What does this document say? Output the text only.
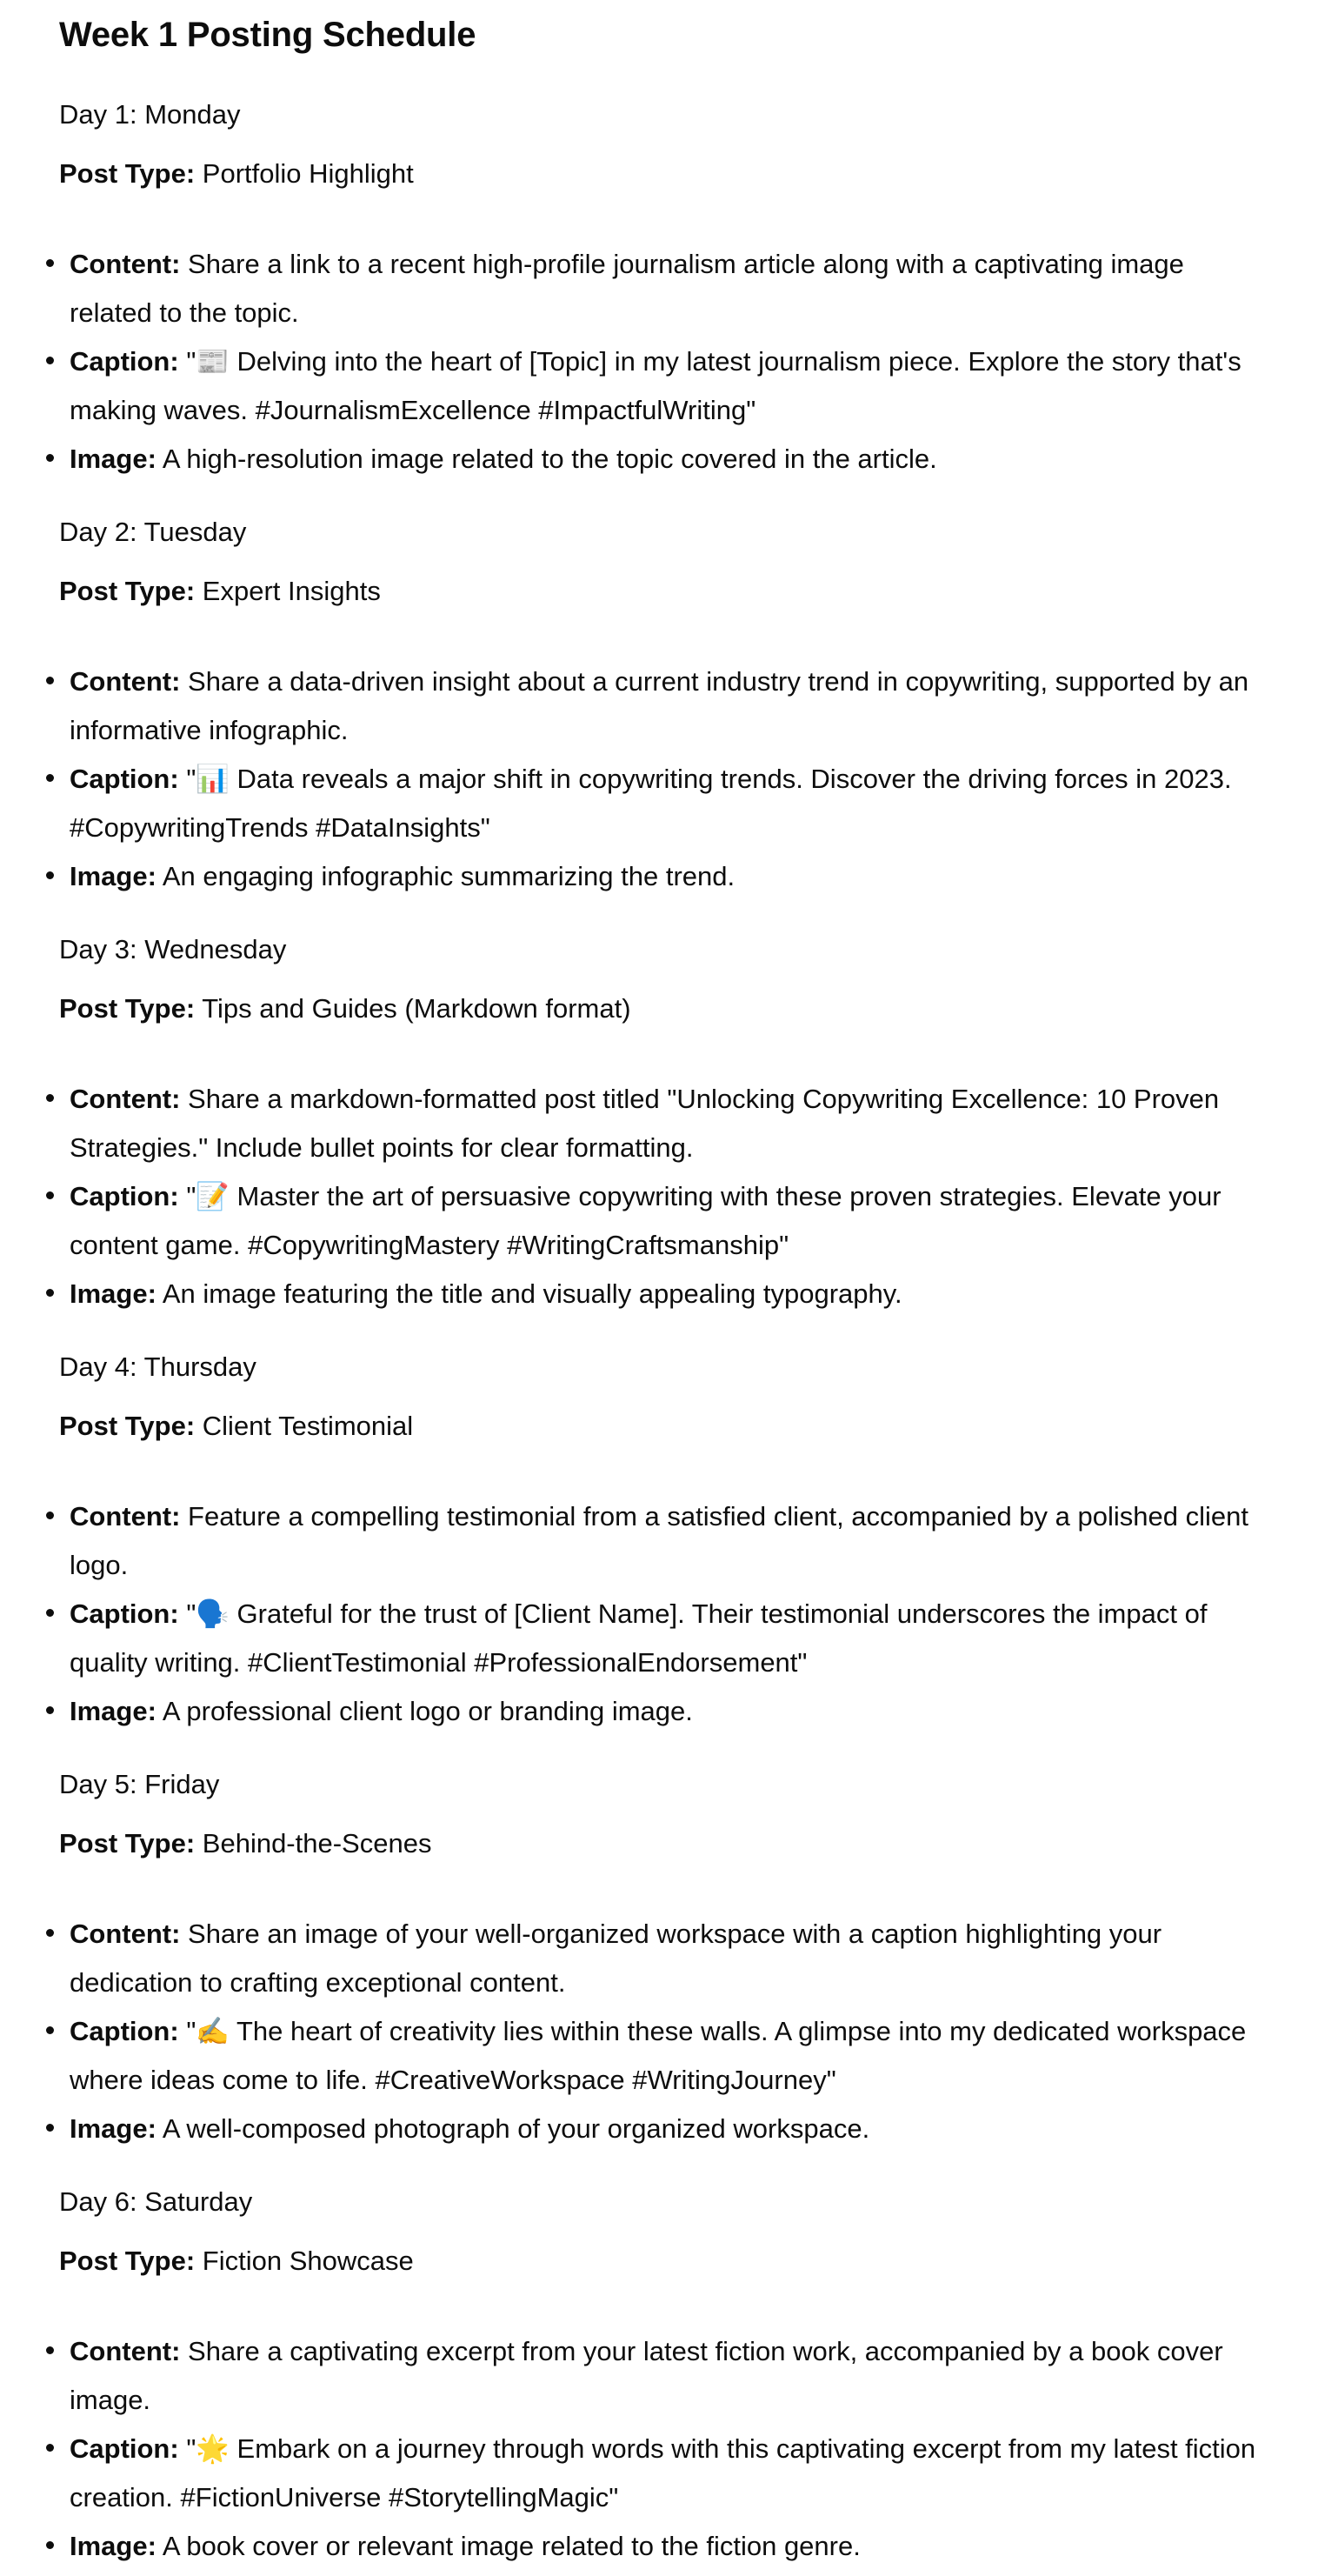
Week 1 Posting Schedule
Day 1: Monday

Post Type: Portfolio Highlight

Content: Share a link to a recent high-profile journalism article along with a captivating image related to the topic.
Caption: "📰 Delving into the heart of [Topic] in my latest journalism piece. Explore the story that's making waves. #JournalismExcellence #ImpactfulWriting"
Image: A high-resolution image related to the topic covered in the article.
Day 2: Tuesday

Post Type: Expert Insights

Content: Share a data-driven insight about a current industry trend in copywriting, supported by an informative infographic.
Caption: "📊 Data reveals a major shift in copywriting trends. Discover the driving forces in 2023. #CopywritingTrends #DataInsights"
Image: An engaging infographic summarizing the trend.
Day 3: Wednesday

Post Type: Tips and Guides (Markdown format)

Content: Share a markdown-formatted post titled "Unlocking Copywriting Excellence: 10 Proven Strategies." Include bullet points for clear formatting.
Caption: "📝 Master the art of persuasive copywriting with these proven strategies. Elevate your content game. #CopywritingMastery #WritingCraftsmanship"
Image: An image featuring the title and visually appealing typography.
Day 4: Thursday

Post Type: Client Testimonial

Content: Feature a compelling testimonial from a satisfied client, accompanied by a polished client logo.
Caption: "🗣️ Grateful for the trust of [Client Name]. Their testimonial underscores the impact of quality writing. #ClientTestimonial #ProfessionalEndorsement"
Image: A professional client logo or branding image.
Day 5: Friday

Post Type: Behind-the-Scenes

Content: Share an image of your well-organized workspace with a caption highlighting your dedication to crafting exceptional content.
Caption: "✍️ The heart of creativity lies within these walls. A glimpse into my dedicated workspace where ideas come to life. #CreativeWorkspace #WritingJourney"
Image: A well-composed photograph of your organized workspace.
Day 6: Saturday

Post Type: Fiction Showcase

Content: Share a captivating excerpt from your latest fiction work, accompanied by a book cover image.
Caption: "🌟 Embark on a journey through words with this captivating excerpt from my latest fiction creation. #FictionUniverse #StorytellingMagic"
Image: A book cover or relevant image related to the fiction genre.
